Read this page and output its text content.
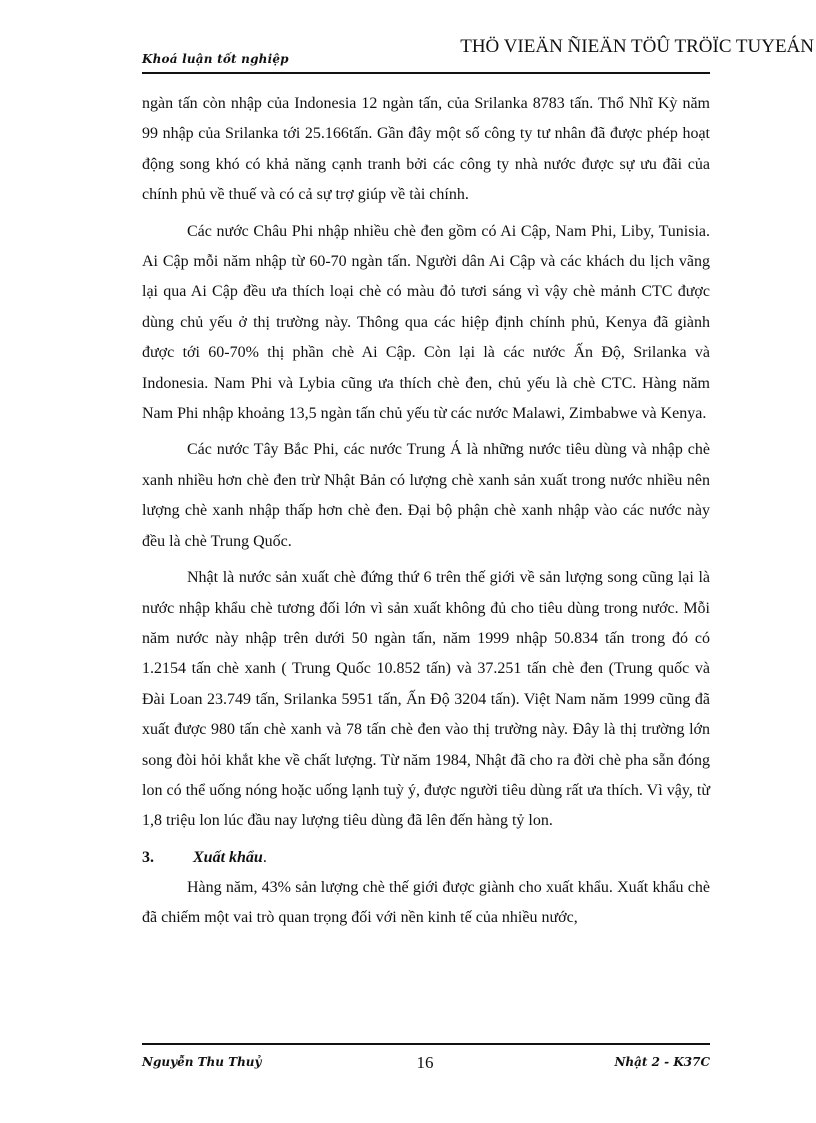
Khoá luận tốt nghiệp
THÖ VIEÄN ÑIEÄN TÖÛ TRÖÏC TUYEÁN

ngàn tấn còn nhập của Indonesia 12 ngàn tấn, của Srilanka 8783 tấn. Thổ Nhĩ Kỳ năm 99 nhập của Srilanka tới 25.166tấn. Gần đây một số công ty tư nhân đã được phép hoạt động song khó có khả năng cạnh tranh bởi các công ty nhà nước được sự ưu đãi của chính phủ về thuế và có cả sự trợ giúp về tài chính.

Các nước Châu Phi nhập nhiều chè đen gồm có Ai Cập, Nam Phi, Liby, Tunisia. Ai Cập mỗi năm nhập từ 60-70 ngàn tấn. Người dân Ai Cập và các khách du lịch vãng lại qua Ai Cập đều ưa thích loại chè có màu đỏ tươi sáng vì vậy chè mảnh CTC được dùng chủ yếu ở thị trường này. Thông qua các hiệp định chính phủ, Kenya đã giành được tới 60-70% thị phần chè Ai Cập. Còn lại là các nước Ấn Độ, Srilanka và Indonesia. Nam Phi và Lybia cũng ưa thích chè đen, chủ yếu là chè CTC. Hàng năm Nam Phi nhập khoảng 13,5 ngàn tấn chủ yếu từ các nước Malawi, Zimbabwe và Kenya.

Các nước Tây Bắc Phi, các nước Trung Á là những nước tiêu dùng và nhập chè xanh nhiều hơn chè đen trừ Nhật Bản có lượng chè xanh sản xuất trong nước nhiều nên lượng chè xanh nhập thấp hơn chè đen. Đại bộ phận chè xanh nhập vào các nước này đều là chè Trung Quốc.

Nhật là nước sản xuất chè đứng thứ 6 trên thế giới về sản lượng song cũng lại là nước nhập khẩu chè tương đối lớn vì sản xuất không đủ cho tiêu dùng trong nước. Mỗi năm nước này nhập trên dưới 50 ngàn tấn, năm 1999 nhập 50.834 tấn trong đó có 1.2154 tấn chè xanh ( Trung Quốc 10.852 tấn) và 37.251 tấn chè đen (Trung quốc và Đài Loan 23.749 tấn, Srilanka 5951 tấn, Ấn Độ 3204 tấn). Việt Nam năm 1999 cũng đã xuất được 980 tấn chè xanh và 78 tấn chè đen vào thị trường này. Đây là thị trường lớn song đòi hỏi khắt khe về chất lượng. Từ năm 1984, Nhật đã cho ra đời chè pha sẵn đóng lon có thể uống nóng hoặc uống lạnh tuỳ ý, được người tiêu dùng rất ưa thích. Vì vậy, từ 1,8 triệu lon lúc đầu nay lượng tiêu dùng đã lên đến hàng tỷ lon.

3. Xuất khẩu.

Hàng năm, 43% sản lượng chè thế giới được giành cho xuất khẩu. Xuất khẩu chè đã chiếm một vai trò quan trọng đối với nền kinh tế của nhiều nước,

Nguyễn Thu Thuỷ	16	Nhật 2 - K37C
